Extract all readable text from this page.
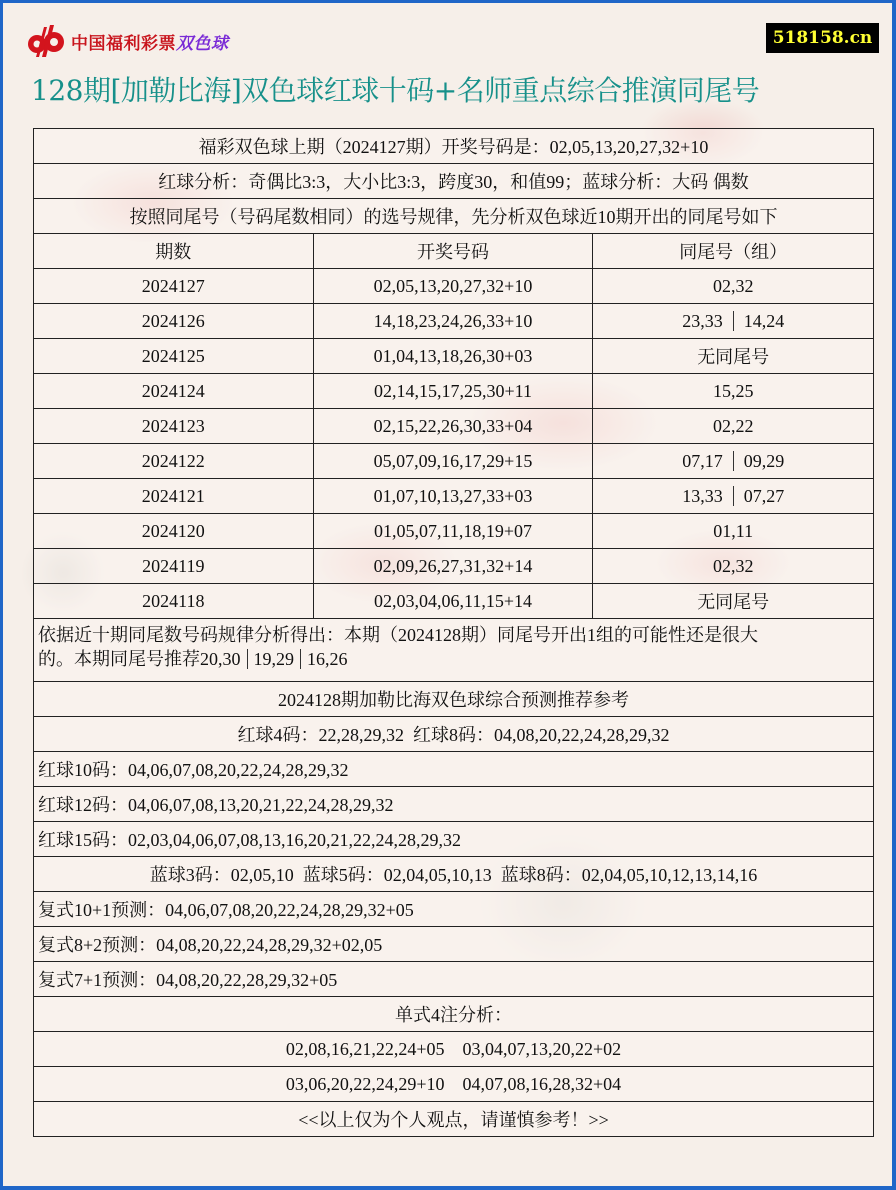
中国福利彩票双色球	518158.cn
128期[加勒比海]双色球红球十码+名师重点综合推演同尾号
福彩双色球上期（2024127期）开奖号码是：02,05,13,20,27,32+10		
红球分析：奇偶比3:3，大小比3:3，跨度30，和值99；蓝球分析：大码 偶数		
按照同尾号（号码尾数相同）的选号规律，先分析双色球近10期开出的同尾号如下		
期数	开奖号码	同尾号（组）
2024127	02,05,13,20,27,32+10	02,32
2024126	14,18,23,24,26,33+10	23,33 14,24
2024125	01,04,13,18,26,30+03	无同尾号
2024124	02,14,15,17,25,30+11	15,25
2024123	02,15,22,26,30,33+04	02,22
2024122	05,07,09,16,17,29+15	07,17 09,29
2024121	01,07,10,13,27,33+03	13,33 07,27
2024120	01,05,07,11,18,19+07	01,11
2024119	02,09,26,27,31,32+14	02,32
2024118	02,03,04,06,11,15+14	无同尾号
依据近十期同尾数号码规律分析得出：本期（2024128期）同尾号开出1组的可能性还是很大
的。本期同尾号推荐20,30 19,29 16,26		
2024128期加勒比海双色球综合预测推荐参考		
红球4码：22,28,29,32  红球8码：04,08,20,22,24,28,29,32		
红球10码：04,06,07,08,20,22,24,28,29,32		
红球12码：04,06,07,08,13,20,21,22,24,28,29,32		
红球15码：02,03,04,06,07,08,13,16,20,21,22,24,28,29,32		
蓝球3码：02,05,10  蓝球5码：02,04,05,10,13  蓝球8码：02,04,05,10,12,13,14,16		
复式10+1预测：04,06,07,08,20,22,24,28,29,32+05		
复式8+2预测：04,08,20,22,24,28,29,32+02,05		
复式7+1预测：04,08,20,22,28,29,32+05		
单式4注分析：		
02,08,16,21,22,24+05    03,04,07,13,20,22+02		
03,06,20,22,24,29+10    04,07,08,16,28,32+04		
<<以上仅为个人观点，请谨慎参考！>>		
